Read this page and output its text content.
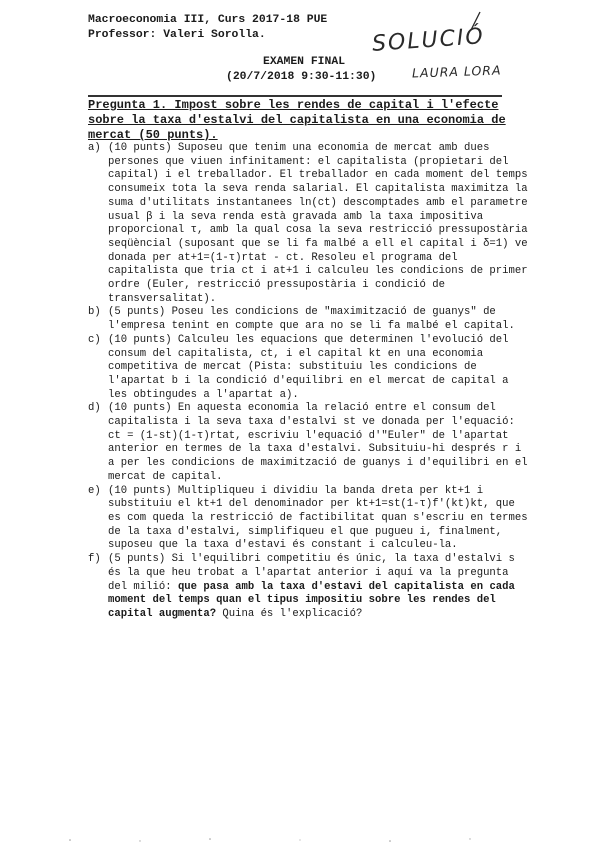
Macroeconomia III, Curs 2017-18 PUE
Professor: Valeri Sorolla.
EXAMEN FINAL
(20/7/2018 9:30-11:30)
SOLUCIÓ
LAURA LORA
Pregunta 1. Impost sobre les rendes de capital i l'efecte sobre la taxa d'estalvi del capitalista en una economia de mercat (50 punts).
a) (10 punts) Suposeu que tenim una economia de mercat amb dues persones que viuen infinitament: el capitalista (propietari del capital) i el treballador. El treballador en cada moment del temps consumeix tota la seva renda salarial. El capitalista maximitza la suma d'utilitats instantanees ln(ct) descomptades amb el parametre usual β i la seva renda està gravada amb la taxa impositiva proporcional τ, amb la qual cosa la seva restricció pressupostària seqüèncial (suposant que se li fa malbé a ell el capital i δ=1) ve donada per at+1=(1-τ)rtat - ct. Resoleu el programa del capitalista que tria ct i at+1 i calculeu les condicions de primer ordre (Euler, restricció pressupostària i condició de transversalitat).

b) (5 punts) Poseu les condicions de "maximització de guanys" de l'empresa tenint en compte que ara no se li fa malbé el capital.

c) (10 punts) Calculeu les equacions que determinen l'evolució del consum del capitalista, ct, i el capital kt en una economia competitiva de mercat (Pista: substituiu les condicions de l'apartat b i la condició d'equilibri en el mercat de capital a les obtingudes a l'apartat a).

d) (10 punts) En aquesta economia la relació entre el consum del capitalista i la seva taxa d'estalvi st ve donada per l'equació: ct = (1-st)(1-τ)rtat, escriviu l'equació d'"Euler" de l'apartat anterior en termes de la taxa d'estalvi. Subsituiu-hi després r i a per les condicions de maximització de guanys i d'equilibri en el mercat de capital.

e) (10 punts) Multipliqueu i dividiu la banda dreta per kt+1 i substituiu el kt+1 del denominador per kt+1=st(1-τ)f'(kt)kt, que es com queda la restricció de factibilitat quan s'escriu en termes de la taxa d'estalvi, simplifiqueu el que pugueu i, finalment, suposeu que la taxa d'estavi és constant i calculeu-la.

f) (5 punts) Si l'equilibri competitiu és únic, la taxa d'estalvi s és la que heu trobat a l'apartat anterior i aquí va la pregunta del milió: que pasa amb la taxa d'estavi del capitalista en cada moment del temps quan el tipus impositiu sobre les rendes del capital augmenta? Quina és l'explicació?
